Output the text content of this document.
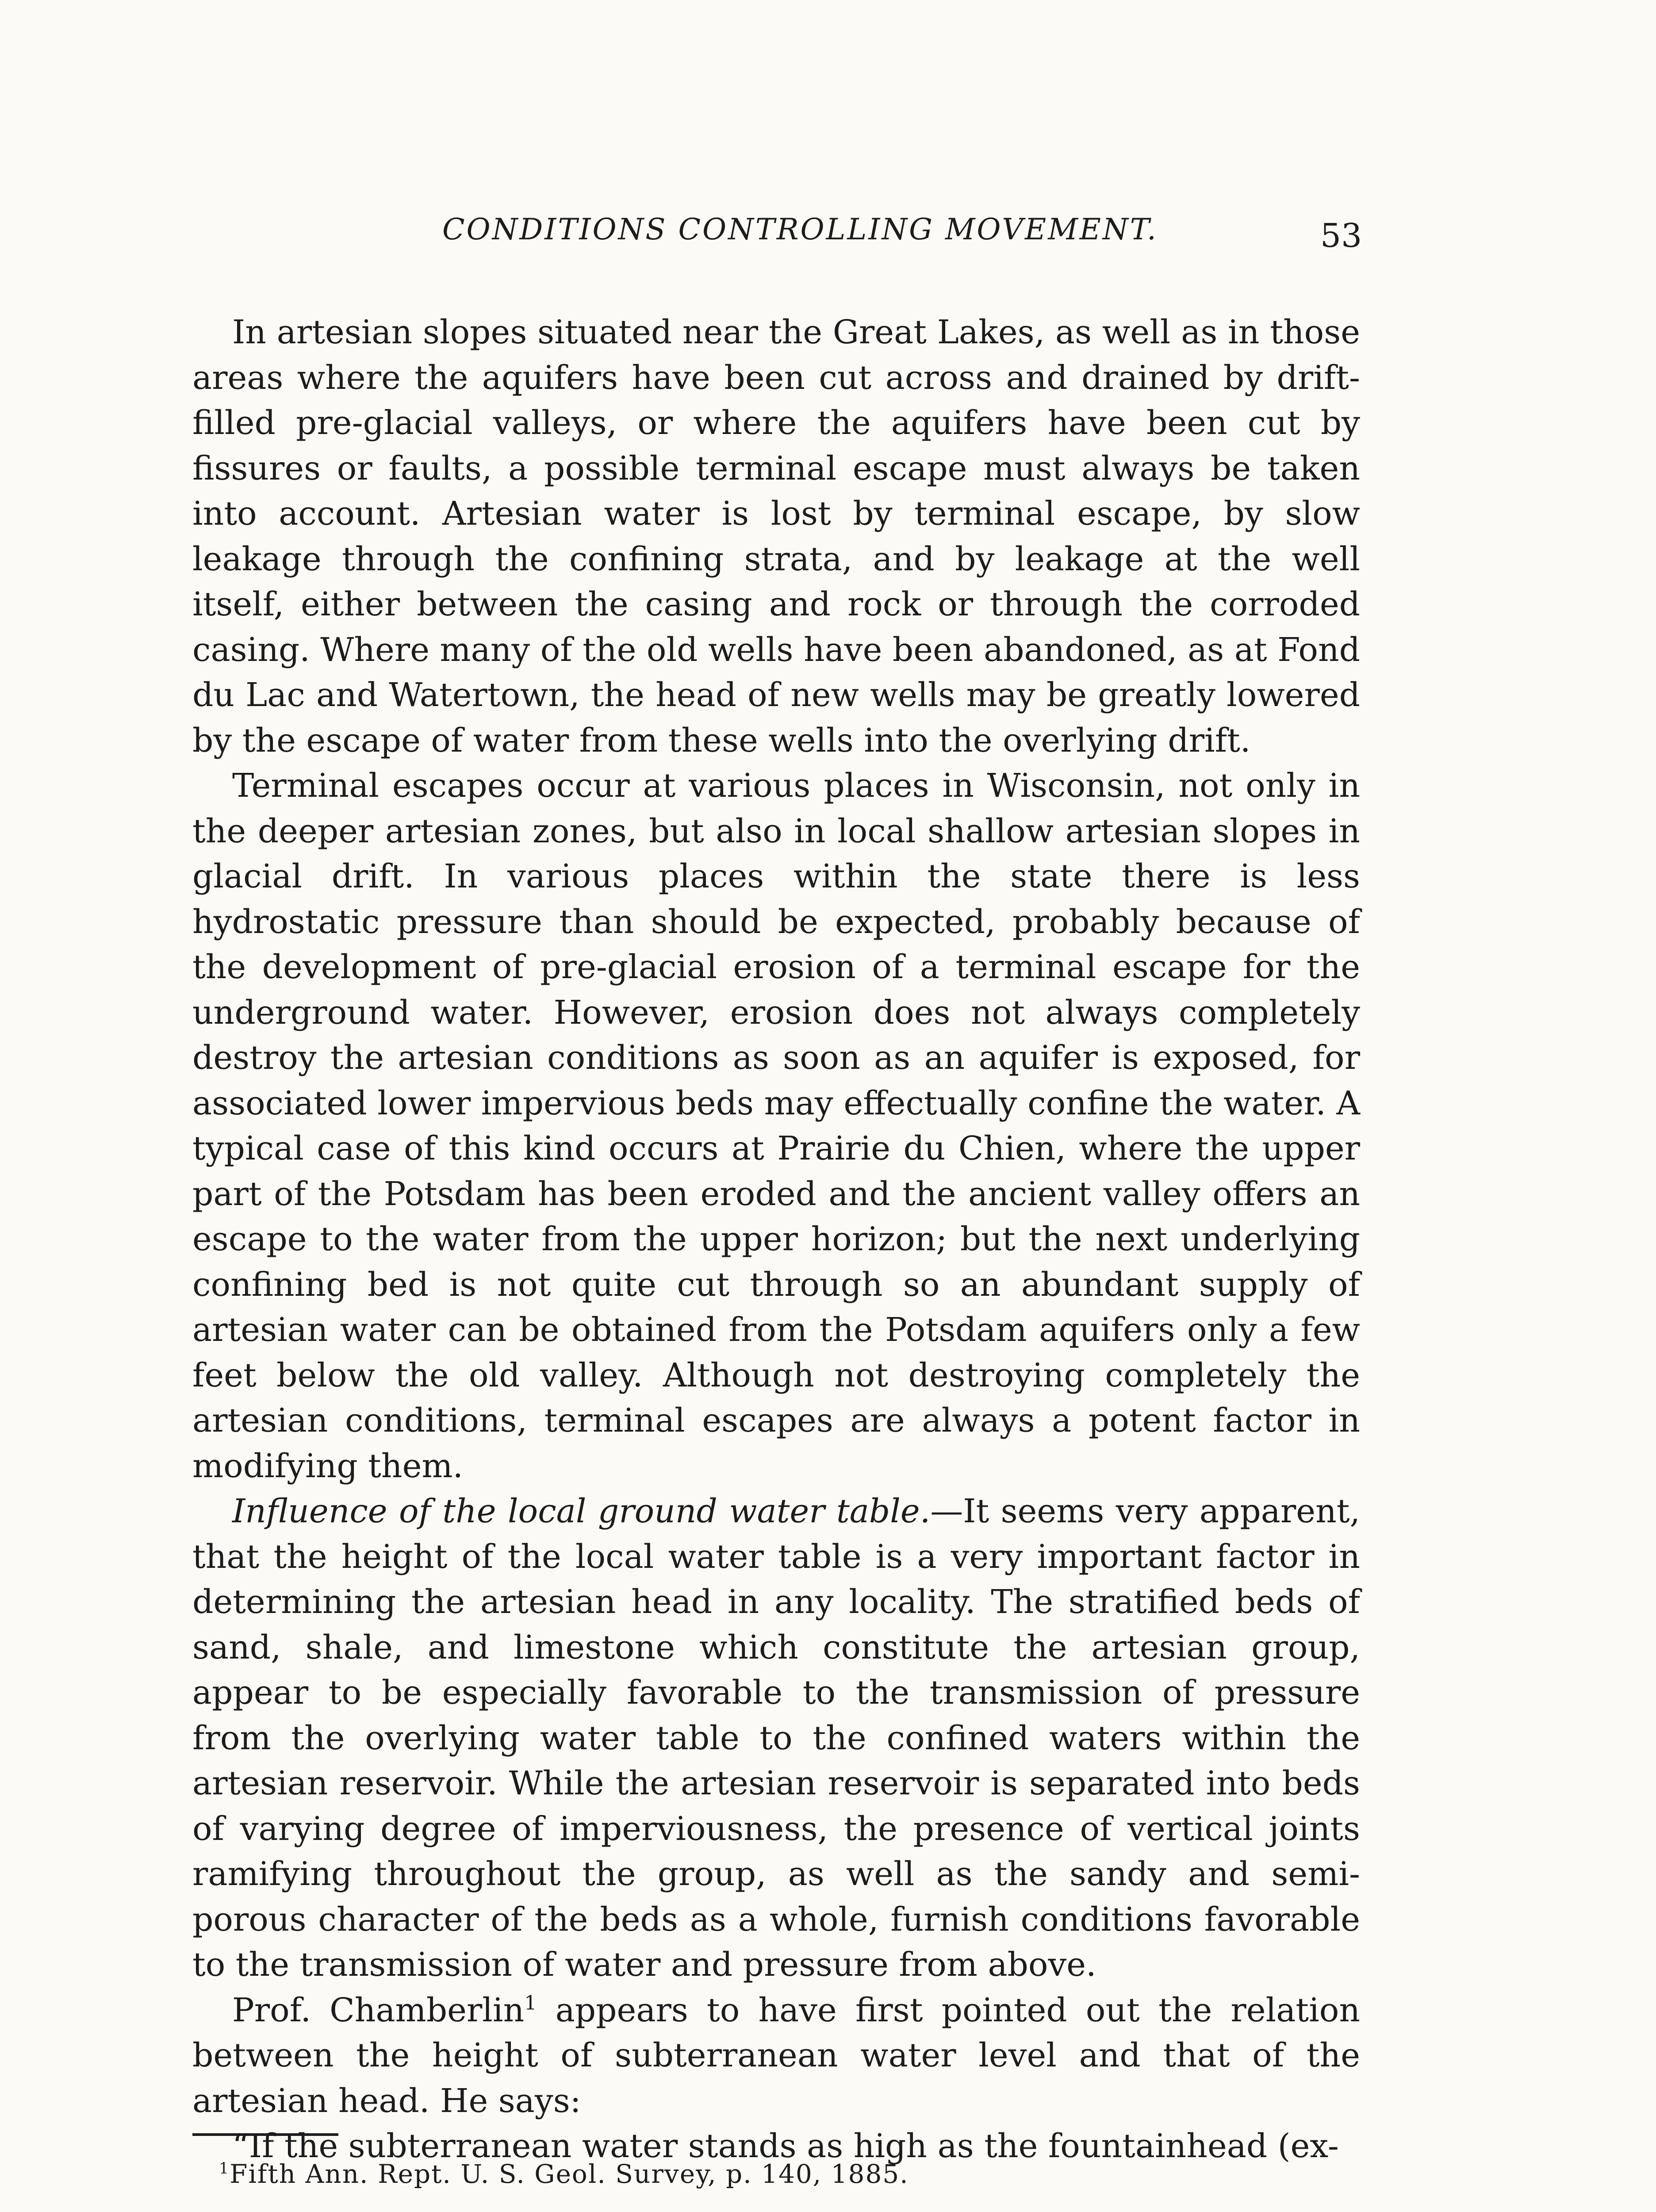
CONDITIONS CONTROLLING MOVEMENT.	53

In artesian slopes situated near the Great Lakes, as well as in those areas where the aquifers have been cut across and drained by drift-filled pre-glacial valleys, or where the aquifers have been cut by fissures or faults, a possible terminal escape must always be taken into account. Artesian water is lost by terminal escape, by slow leakage through the confining strata, and by leakage at the well itself, either between the casing and rock or through the corroded casing. Where many of the old wells have been abandoned, as at Fond du Lac and Watertown, the head of new wells may be greatly lowered by the escape of water from these wells into the overlying drift.

Terminal escapes occur at various places in Wisconsin, not only in the deeper artesian zones, but also in local shallow artesian slopes in glacial drift. In various places within the state there is less hydrostatic pressure than should be expected, probably because of the development of pre-glacial erosion of a terminal escape for the underground water. However, erosion does not always completely destroy the artesian conditions as soon as an aquifer is exposed, for associated lower impervious beds may effectually confine the water. A typical case of this kind occurs at Prairie du Chien, where the upper part of the Potsdam has been eroded and the ancient valley offers an escape to the water from the upper horizon; but the next underlying confining bed is not quite cut through so an abundant supply of artesian water can be obtained from the Potsdam aquifers only a few feet below the old valley. Although not destroying completely the artesian conditions, terminal escapes are always a potent factor in modifying them.

Influence of the local ground water table.—It seems very apparent, that the height of the local water table is a very important factor in determining the artesian head in any locality. The stratified beds of sand, shale, and limestone which constitute the artesian group, appear to be especially favorable to the transmission of pressure from the overlying water table to the confined waters within the artesian reservoir. While the artesian reservoir is separated into beds of varying degree of imperviousness, the presence of vertical joints ramifying throughout the group, as well as the sandy and semi-porous character of the beds as a whole, furnish conditions favorable to the transmission of water and pressure from above.

Prof. Chamberlin$^1$ appears to have first pointed out the relation between the height of subterranean water level and that of the artesian head. He says:

“If the subterranean water stands as high as the fountainhead (ex-

$^1$Fifth Ann. Rept. U. S. Geol. Survey, p. 140, 1885.
